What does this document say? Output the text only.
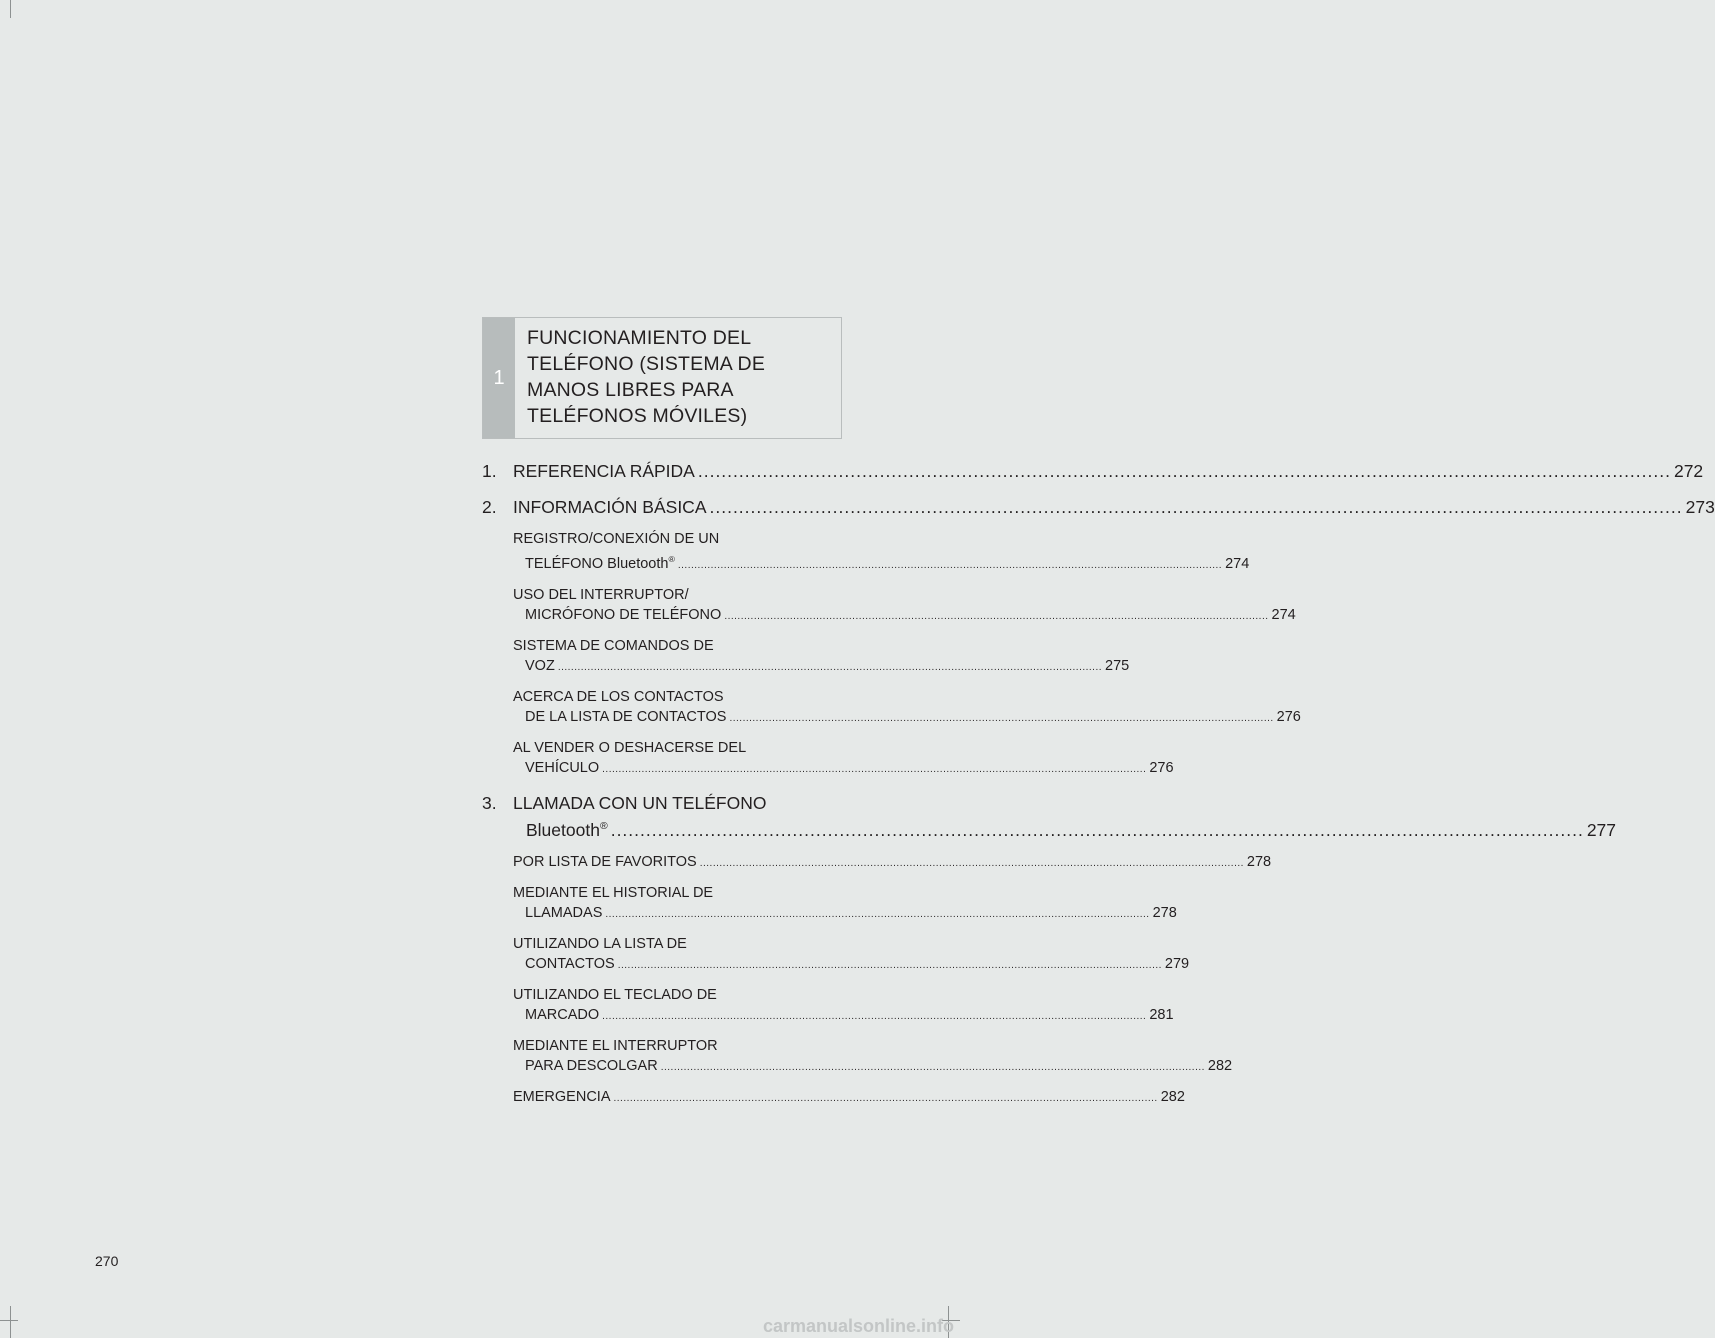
1
FUNCIONAMIENTO DEL
TELÉFONO (SISTEMA DE
MANOS LIBRES PARA
TELÉFONOS MÓVILES)
1. REFERENCIA RÁPIDA .....	272
2. INFORMACIÓN BÁSICA .....	273
REGISTRO/CONEXIÓN DE UN
TELÉFONO Bluetooth® .....	274
USO DEL INTERRUPTOR/
MICRÓFONO DE TELÉFONO .....	274
SISTEMA DE COMANDOS DE
VOZ .....	275
ACERCA DE LOS CONTACTOS
DE LA LISTA DE CONTACTOS .....	276
AL VENDER O DESHACERSE DEL
VEHÍCULO .....	276
3. LLAMADA CON UN TELÉFONO
Bluetooth® .....	277
POR LISTA DE FAVORITOS .....	278
MEDIANTE EL HISTORIAL DE
LLAMADAS .....	278
UTILIZANDO LA LISTA DE
CONTACTOS .....	279
UTILIZANDO EL TECLADO DE
MARCADO .....	281
MEDIANTE EL INTERRUPTOR
PARA DESCOLGAR .....	282
EMERGENCIA .....	282
270
carmanualsonline.info
